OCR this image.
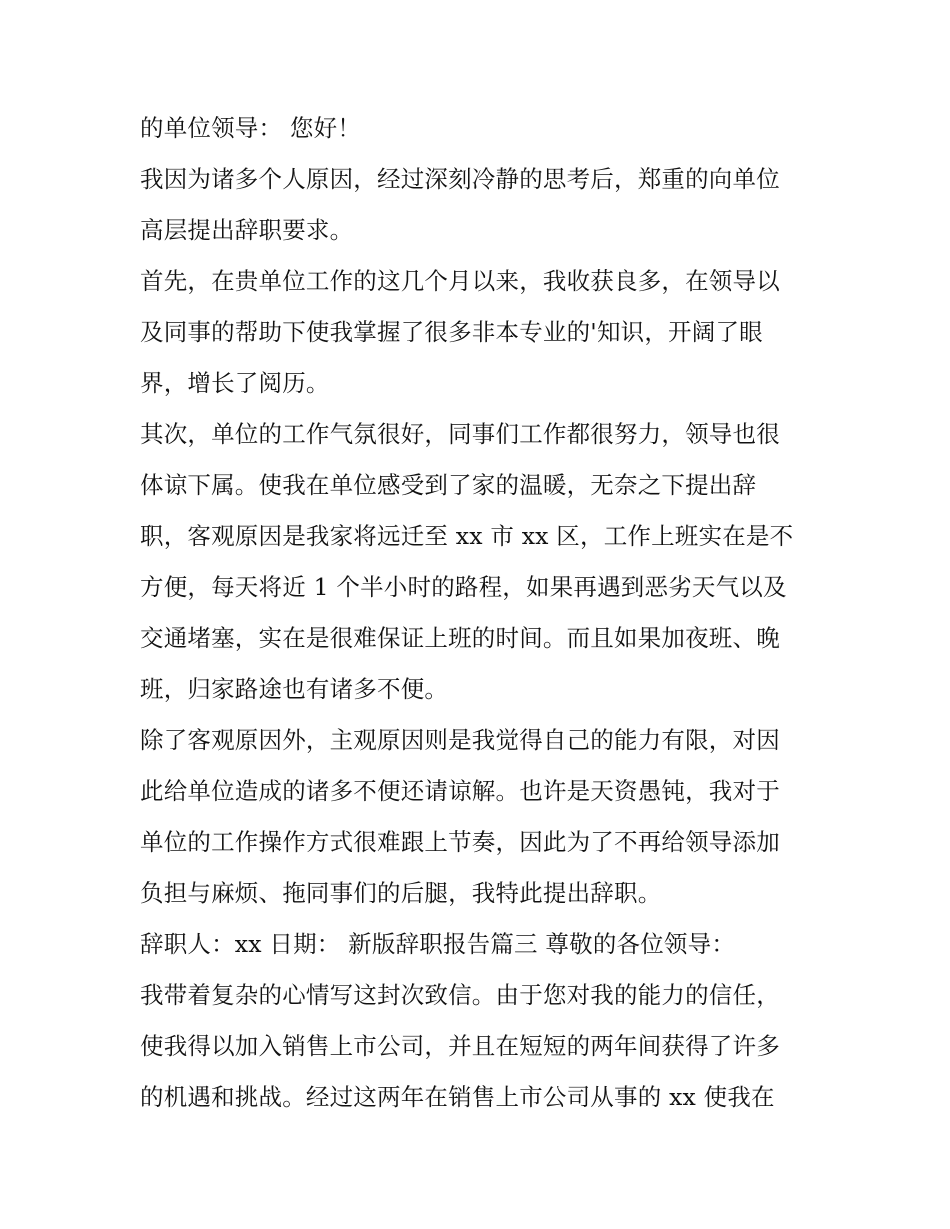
的单位领导： 您好！
我因为诸多个人原因，经过深刻冷静的思考后，郑重的向单位
高层提出辞职要求。
首先，在贵单位工作的这几个月以来，我收获良多，在领导以
及同事的帮助下使我掌握了很多非本专业的'知识，开阔了眼
界，增长了阅历。
其次，单位的工作气氛很好，同事们工作都很努力，领导也很
体谅下属。使我在单位感受到了家的温暖，无奈之下提出辞
职，客观原因是我家将远迁至 xx 市 xx 区，工作上班实在是不
方便，每天将近 1 个半小时的路程，如果再遇到恶劣天气以及
交通堵塞，实在是很难保证上班的时间。而且如果加夜班、晚
班，归家路途也有诸多不便。
除了客观原因外，主观原因则是我觉得自己的能力有限，对因
此给单位造成的诸多不便还请谅解。也许是天资愚钝，我对于
单位的工作操作方式很难跟上节奏，因此为了不再给领导添加
负担与麻烦、拖同事们的后腿，我特此提出辞职。
辞职人：xx 日期： 新版辞职报告篇三 尊敬的各位领导：
我带着复杂的心情写这封次致信。由于您对我的能力的信任，
使我得以加入销售上市公司，并且在短短的两年间获得了许多
的机遇和挑战。经过这两年在销售上市公司从事的 xx 使我在
